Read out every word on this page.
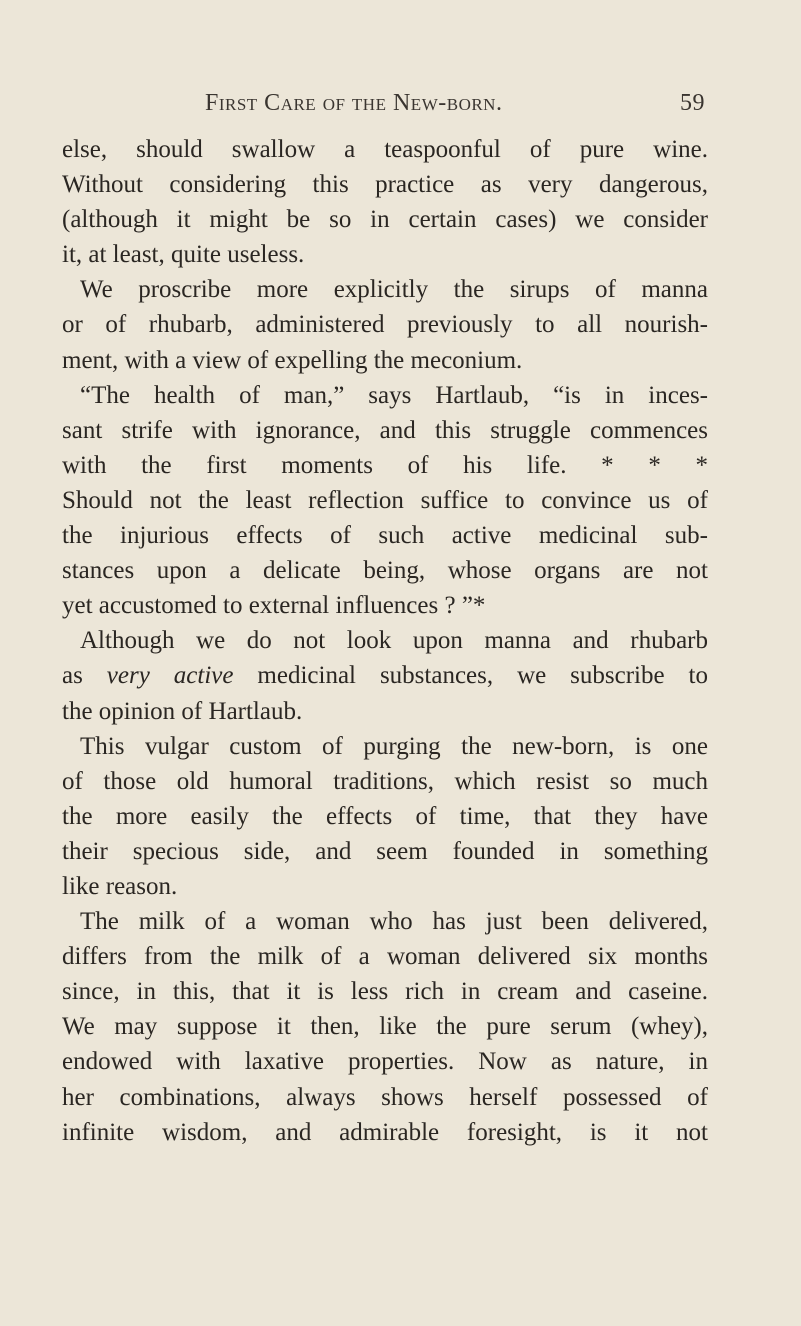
First Care of the New-born.	59
else, should swallow a teaspoonful of pure wine.
Without considering this practice as very dangerous,
(although it might be so in certain cases) we consider
it, at least, quite useless.
We proscribe more explicitly the sirups of manna
or of rhubarb, administered previously to all nourish-
ment, with a view of expelling the meconium.
“The health of man,” says Hartlaub, “is in inces-
sant strife with ignorance, and this struggle commences
with the first moments of his life. * * *
Should not the least reflection suffice to convince us of
the injurious effects of such active medicinal sub-
stances upon a delicate being, whose organs are not
yet accustomed to external influences ? ”*
Although we do not look upon manna and rhubarb
as very active medicinal substances, we subscribe to
the opinion of Hartlaub.
This vulgar custom of purging the new-born, is one
of those old humoral traditions, which resist so much
the more easily the effects of time, that they have
their specious side, and seem founded in something
like reason.
The milk of a woman who has just been delivered,
differs from the milk of a woman delivered six months
since, in this, that it is less rich in cream and caseine.
We may suppose it then, like the pure serum (whey),
endowed with laxative properties. Now as nature, in
her combinations, always shows herself possessed of
infinite wisdom, and admirable foresight, is it not
